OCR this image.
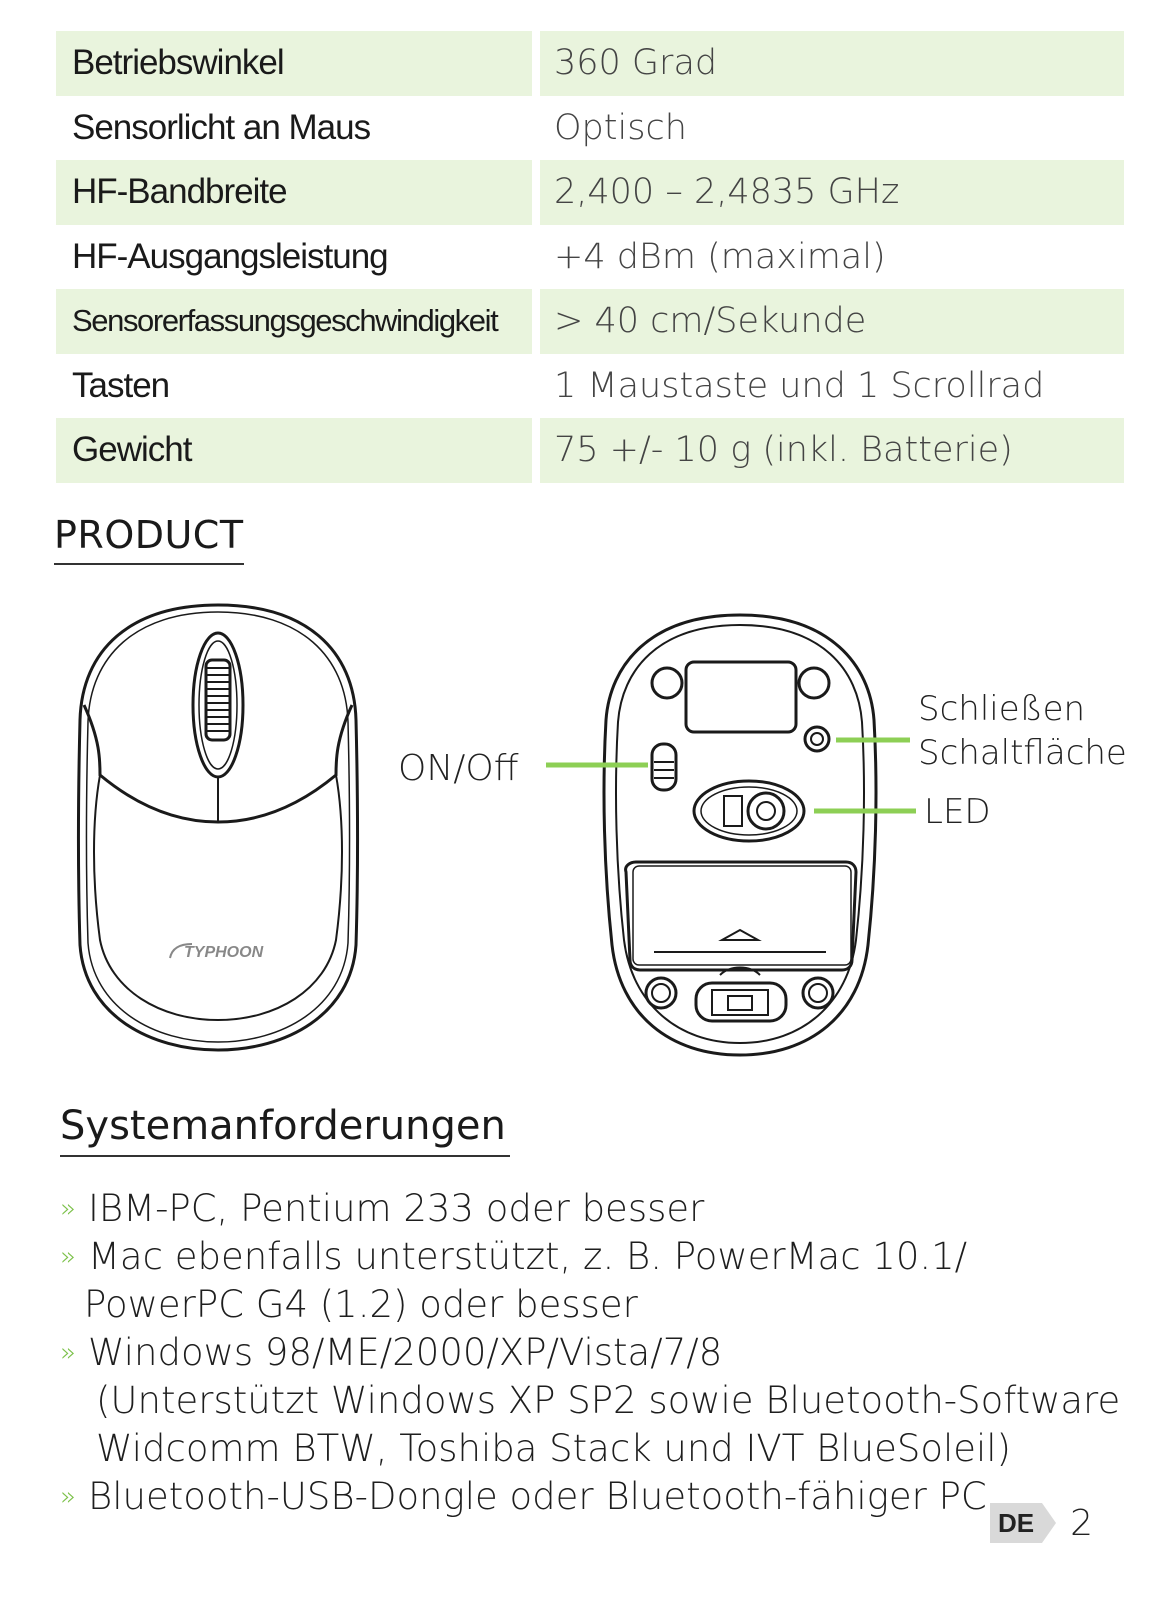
Betriebswinkel	360 Grad
Sensorlicht an Maus	Optisch
HF-Bandbreite	2,400 – 2,4835 GHz
HF-Ausgangsleistung	+4 dBm (maximal)
Sensorerfassungsgeschwindigkeit	> 40 cm/Sekunde
Tasten	1 Maustaste und 1 Scrollrad
Gewicht	75 +/- 10 g (inkl. Batterie)
PRODUCT
TYPHOON
ON/Off
Schließen
Schaltfläche
LED
Systemanforderungen
» IBM-PC, Pentium 233 oder besser
» Mac ebenfalls unterstützt, z. B. PowerMac 10.1/
PowerPC G4 (1.2) oder besser
» Windows 98/ME/2000/XP/Vista/7/8
(Unterstützt Windows XP SP2 sowie Bluetooth-Software
Widcomm BTW, Toshiba Stack und IVT BlueSoleil)
» Bluetooth-USB-Dongle oder Bluetooth-fähiger PC
DE 2
